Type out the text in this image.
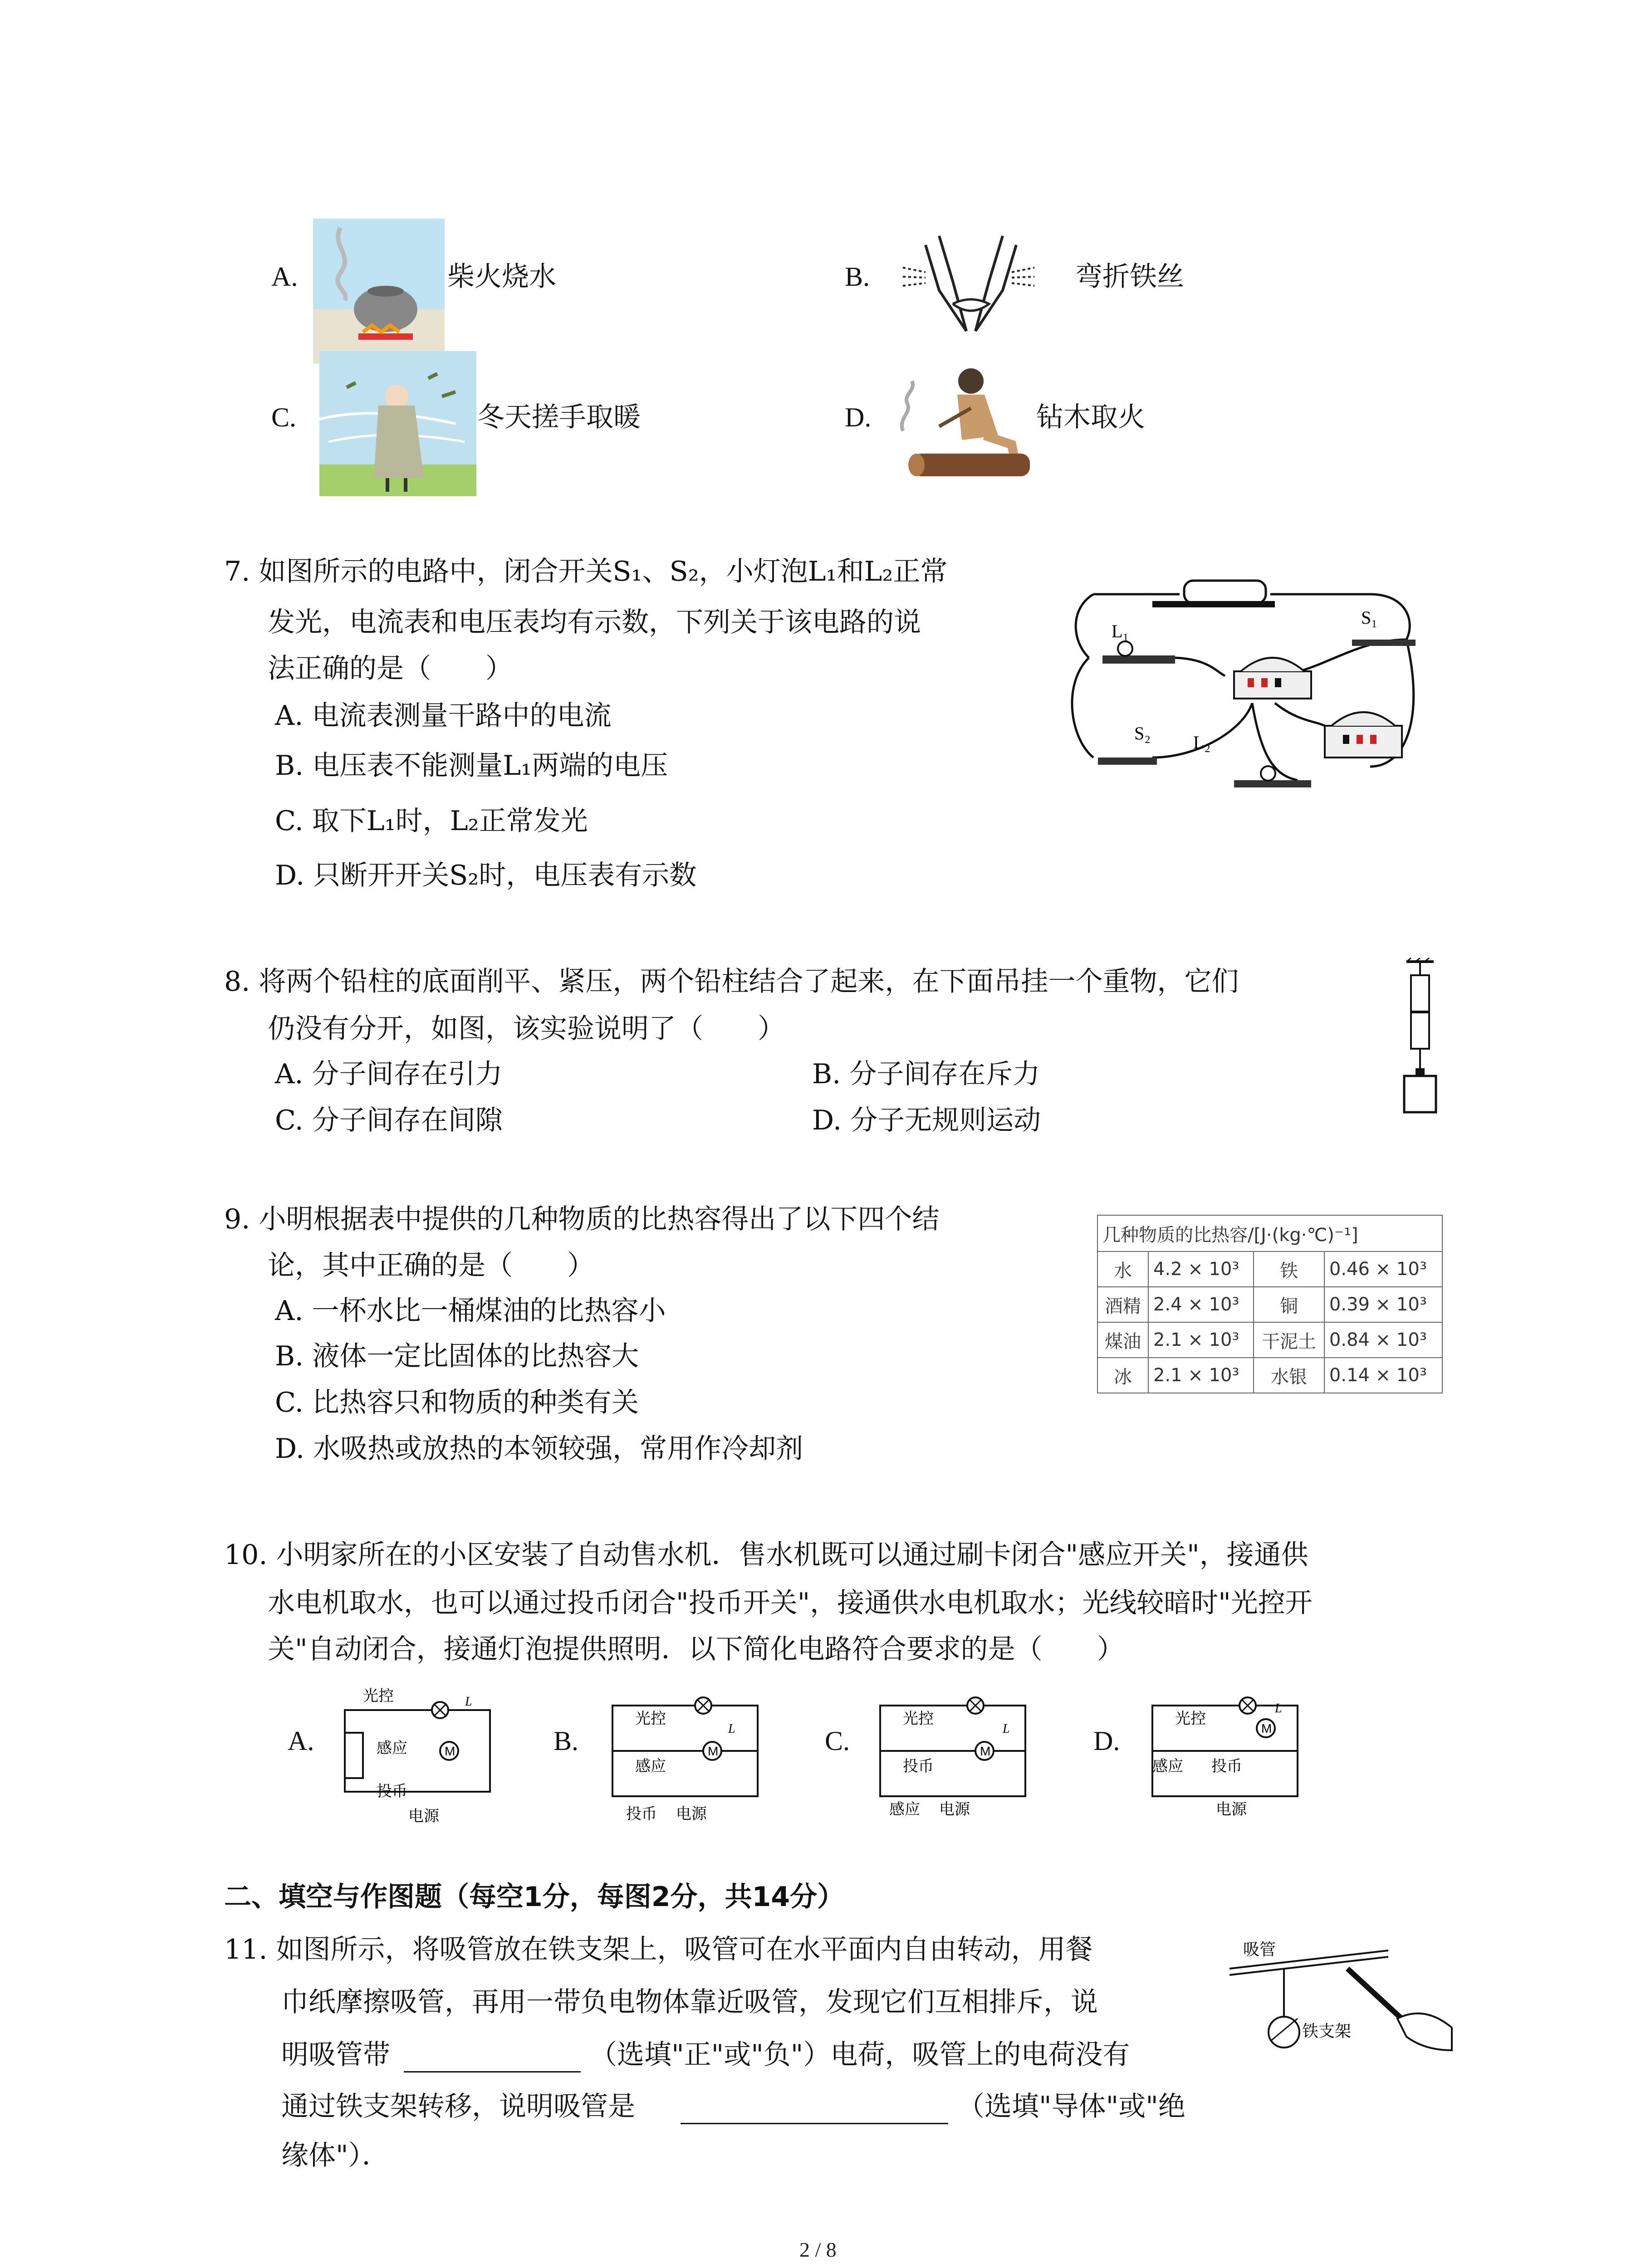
A.	柴火烧水	B.	弯折铁丝
C.	冬天搓手取暖	D.	钻木取火
7. 如图所示的电路中，闭合开关S₁、S₂，小灯泡L₁和L₂正常
发光，电流表和电压表均有示数，下列关于该电路的说
法正确的是（　　）
A. 电流表测量干路中的电流
B. 电压表不能测量L₁两端的电压
C. 取下L₁时，L₂正常发光
D. 只断开开关S₂时，电压表有示数
L₁
S₁
S₂ L₂
8. 将两个铅柱的底面削平、紧压，两个铅柱结合了起来，在下面吊挂一个重物，它们
仍没有分开，如图，该实验说明了（　　）
A. 分子间存在引力	B. 分子间存在斥力
C. 分子间存在间隙	D. 分子无规则运动
9. 小明根据表中提供的几种物质的比热容得出了以下四个结
论，其中正确的是（　　）
A. 一杯水比一桶煤油的比热容小
B. 液体一定比固体的比热容大
C. 比热容只和物质的种类有关
D. 水吸热或放热的本领较强，常用作冷却剂
几种物质的比热容/[J·(kg·℃)⁻¹]			
水	4.2 × 10³	铁	0.46 × 10³
酒精	2.4 × 10³	铜	0.39 × 10³
煤油	2.1 × 10³	干泥土	0.84 × 10³
冰	2.1 × 10³	水银	0.14 × 10³
10. 小明家所在的小区安装了自动售水机．售水机既可以通过刷卡闭合"感应开关"，接通供
水电机取水，也可以通过投币闭合"投币开关"，接通供水电机取水；光线较暗时"光控开
关"自动闭合，接通灯泡提供照明．以下简化电路符合要求的是（　　）
A.	M
L
光控
感应
投币
电源
B.	M
L
光控
感应
投币 电源
C.	M
L
光控
投币
感应 电源
D.	M
L
光控
感应 投币
电源
二、填空与作图题（每空1分，每图2分，共14分）
11. 如图所示，将吸管放在铁支架上，吸管可在水平面内自由转动，用餐
巾纸摩擦吸管，再用一带负电物体靠近吸管，发现它们互相排斥，说
明吸管带	（选填"正"或"负"）电荷，吸管上的电荷没有
通过铁支架转移，说明吸管是	（选填"导体"或"绝
缘体"）．
吸管
铁支架
2 / 8
